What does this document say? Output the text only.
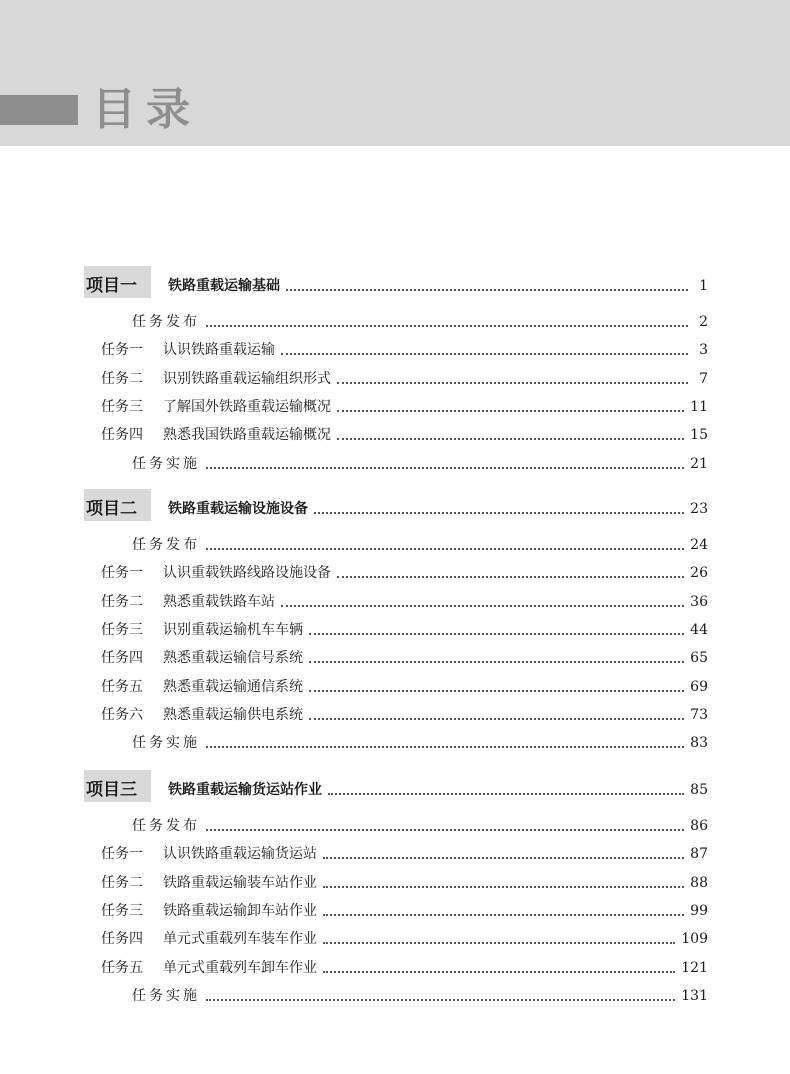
目录
项目一	铁路重载运输基础	1
任务发布	2
任务一	认识铁路重载运输	3
任务二	识别铁路重载运输组织形式	7
任务三	了解国外铁路重载运输概况	11
任务四	熟悉我国铁路重载运输概况	15
任务实施	21
项目二	铁路重载运输设施设备	23
任务发布	24
任务一	认识重载铁路线路设施设备	26
任务二	熟悉重载铁路车站	36
任务三	识别重载运输机车车辆	44
任务四	熟悉重载运输信号系统	65
任务五	熟悉重载运输通信系统	69
任务六	熟悉重载运输供电系统	73
任务实施	83
项目三	铁路重载运输货运站作业	85
任务发布	86
任务一	认识铁路重载运输货运站	87
任务二	铁路重载运输装车站作业	88
任务三	铁路重载运输卸车站作业	99
任务四	单元式重载列车装车作业	109
任务五	单元式重载列车卸车作业	121
任务实施	131
